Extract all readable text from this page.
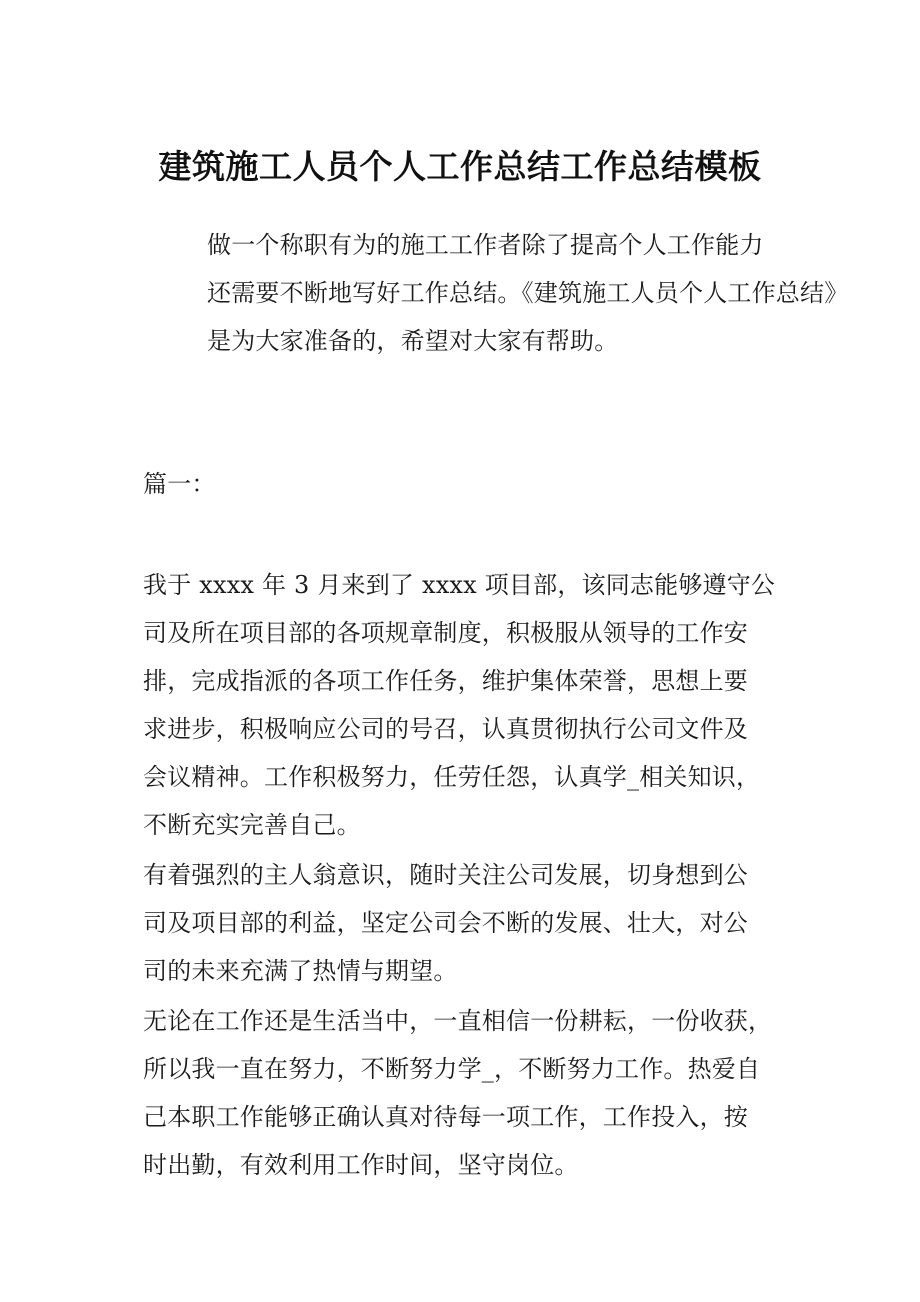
建筑施工人员个人工作总结工作总结模板
做一个称职有为的施工工作者除了提高个人工作能力
还需要不断地写好工作总结。《建筑施工人员个人工作总结》
是为大家准备的，希望对大家有帮助。
篇一：
我于 xxxx 年 3 月来到了 xxxx 项目部，该同志能够遵守公
司及所在项目部的各项规章制度，积极服从领导的工作安
排，完成指派的各项工作任务，维护集体荣誉，思想上要
求进步，积极响应公司的号召，认真贯彻执行公司文件及
会议精神。工作积极努力，任劳任怨，认真学_相关知识，
不断充实完善自己。
有着强烈的主人翁意识，随时关注公司发展，切身想到公
司及项目部的利益，坚定公司会不断的发展、壮大，对公
司的未来充满了热情与期望。
无论在工作还是生活当中，一直相信一份耕耘，一份收获，
所以我一直在努力，不断努力学_，不断努力工作。热爱自
己本职工作能够正确认真对待每一项工作，工作投入，按
时出勤，有效利用工作时间，坚守岗位。
